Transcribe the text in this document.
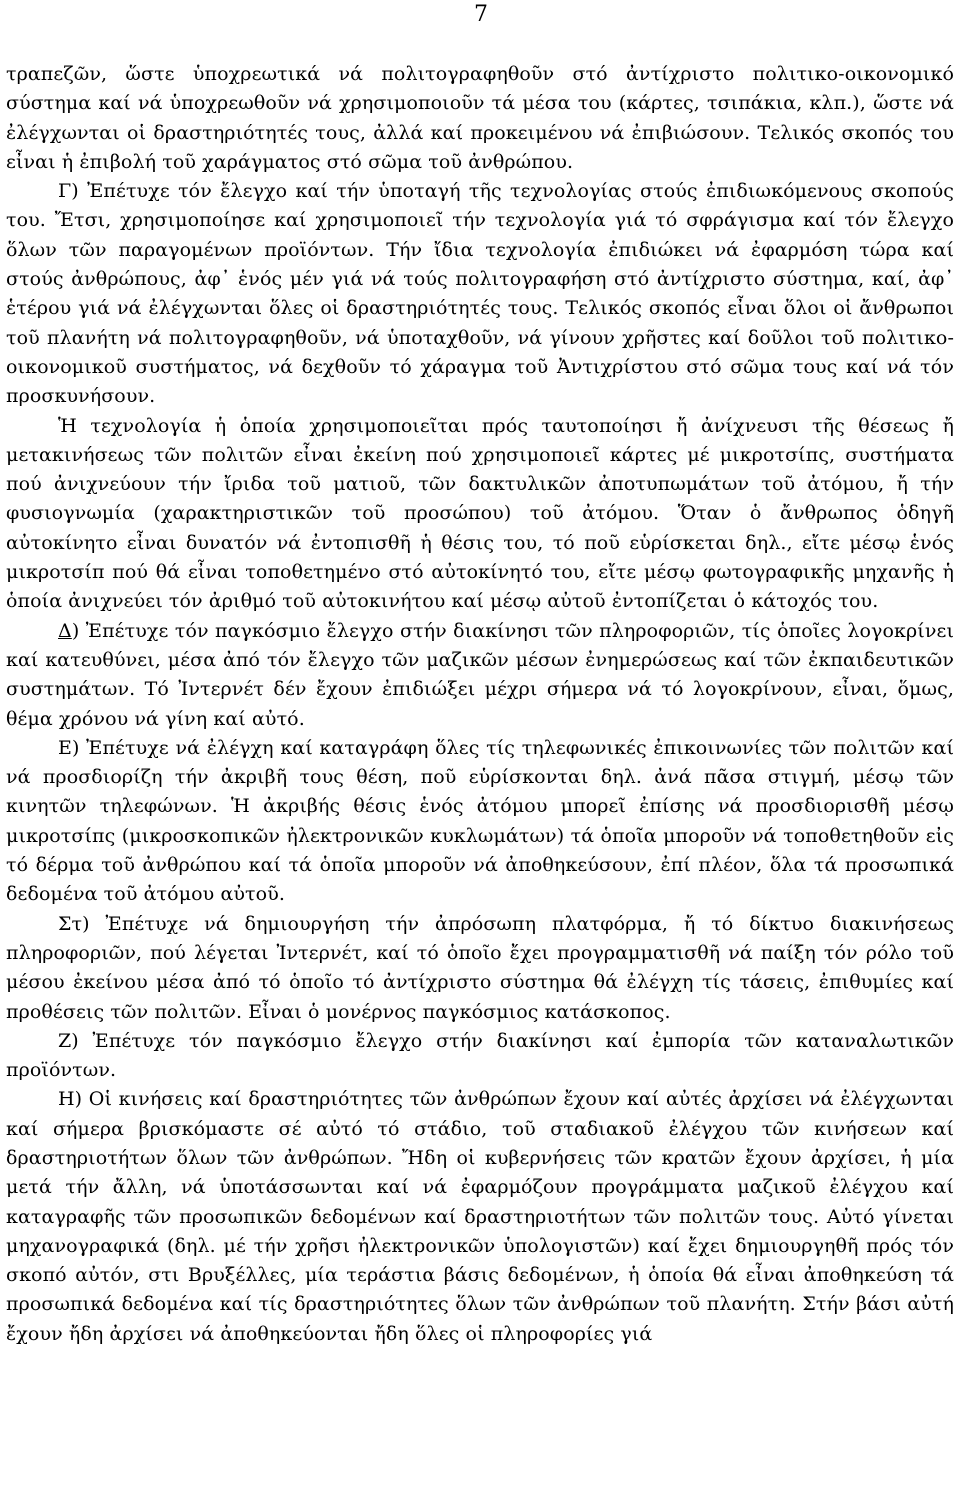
7

τραπεζῶν, ὥστε ὑποχρεωτικά νά πολιτογραφηθοῦν στό ἀντίχριστο πολιτικο-οικονομικό σύστημα καί νά ὑποχρεωθοῦν νά χρησιμοποιοῦν τά μέσα του (κάρτες, τσιπάκια, κλπ.), ὥστε νά ἐλέγχωνται οἱ δραστηριότητές τους, ἀλλά καί προκειμένου νά ἐπιβιώσουν. Τελικός σκοπός του εἶναι ἡ ἐπιβολή τοῦ χαράγματος στό σῶμα τοῦ ἀνθρώπου.

Γ) Ἐπέτυχε τόν ἔλεγχο καί τήν ὑποταγή τῆς τεχνολογίας στούς ἐπιδιωκόμενους σκοπούς του. Ἔτσι, χρησιμοποίησε καί χρησιμοποιεῖ τήν τεχνολογία γιά τό σφράγισμα καί τόν ἔλεγχο ὅλων τῶν παραγομένων προϊόντων. Τήν ἴδια τεχνολογία ἐπιδιώκει νά ἐφαρμόση τώρα καί στούς ἀνθρώπους, ἀφ᾽ ἑνός μέν γιά νά τούς πολιτογραφήση στό ἀντίχριστο σύστημα, καί, ἀφ᾽ ἑτέρου γιά νά ἐλέγχωνται ὅλες οἱ δραστηριότητές τους. Τελικός σκοπός εἶναι ὅλοι οἱ ἄνθρωποι τοῦ πλανήτη νά πολιτογραφηθοῦν, νά ὑποταχθοῦν, νά γίνουν χρῆστες καί δοῦλοι τοῦ πολιτικο-οικονομικοῦ συστήματος, νά δεχθοῦν τό χάραγμα τοῦ Ἀντιχρίστου στό σῶμα τους καί νά τόν προσκυνήσουν.

Ἡ τεχνολογία ἡ ὁποία χρησιμοποιεῖται πρός ταυτοποίησι ἤ ἀνίχνευσι τῆς θέσεως ἤ μετακινήσεως τῶν πολιτῶν εἶναι ἐκείνη πού χρησιμοποιεῖ κάρτες μέ μικροτσίπς, συστήματα πού ἀνιχνεύουν τήν ἴριδα τοῦ ματιοῦ, τῶν δακτυλικῶν ἀποτυπωμάτων τοῦ ἀτόμου, ἤ τήν φυσιογνωμία (χαρακτηριστικῶν τοῦ προσώπου) τοῦ ἀτόμου. Ὅταν ὁ ἄνθρωπος ὁδηγῆ αὐτοκίνητο εἶναι δυνατόν νά ἐντοπισθῆ ἡ θέσις του, τό ποῦ εὑρίσκεται δηλ., εἴτε μέσῳ ἑνός μικροτσίπ πού θά εἶναι τοποθετημένο στό αὐτοκίνητό του, εἴτε μέσῳ φωτογραφικῆς μηχανῆς ἡ ὁποία ἀνιχνεύει τόν ἀριθμό τοῦ αὐτοκινήτου καί μέσῳ αὐτοῦ ἐντοπίζεται ὁ κάτοχός του.

Δ) Ἐπέτυχε τόν παγκόσμιο ἔλεγχο στήν διακίνησι τῶν πληροφοριῶν, τίς ὁποῖες λογοκρίνει καί κατευθύνει, μέσα ἀπό τόν ἔλεγχο τῶν μαζικῶν μέσων ἐνημερώσεως καί τῶν ἐκπαιδευτικῶν συστημάτων. Τό Ἰντερνέτ δέν ἔχουν ἐπιδιώξει μέχρι σήμερα νά τό λογοκρίνουν, εἶναι, ὅμως, θέμα χρόνου νά γίνη καί αὐτό.

Ε) Ἐπέτυχε νά ἐλέγχη καί καταγράφη ὅλες τίς τηλεφωνικές ἐπικοινωνίες τῶν πολιτῶν καί νά προσδιορίζη τήν ἀκριβῆ τους θέση, ποῦ εὑρίσκονται δηλ. ἀνά πᾶσα στιγμή, μέσῳ τῶν κινητῶν τηλεφώνων. Ἡ ἀκριβής θέσις ἑνός ἀτόμου μπορεῖ ἐπίσης νά προσδιορισθῆ μέσῳ μικροτσίπς (μικροσκοπικῶν ἠλεκτρονικῶν κυκλωμάτων) τά ὁποῖα μποροῦν νά τοποθετηθοῦν εἰς τό δέρμα τοῦ ἀνθρώπου καί τά ὁποῖα μποροῦν νά ἀποθηκεύσουν, ἐπί πλέον, ὅλα τά προσωπικά δεδομένα τοῦ ἀτόμου αὐτοῦ.

Στ) Ἐπέτυχε νά δημιουργήση τήν ἀπρόσωπη πλατφόρμα, ἤ τό δίκτυο διακινήσεως πληροφοριῶν, πού λέγεται Ἰντερνέτ, καί τό ὁποῖο ἔχει προγραμματισθῆ νά παίξη τόν ρόλο τοῦ μέσου ἐκείνου μέσα ἀπό τό ὁποῖο τό ἀντίχριστο σύστημα θά ἐλέγχη τίς τάσεις, ἐπιθυμίες καί προθέσεις τῶν πολιτῶν. Εἶναι ὁ μονέρνος παγκόσμιος κατάσκοπος.

Ζ) Ἐπέτυχε τόν παγκόσμιο ἔλεγχο στήν διακίνησι καί ἐμπορία τῶν καταναλωτικῶν προϊόντων.

Η) Οἱ κινήσεις καί δραστηριότητες τῶν ἀνθρώπων ἔχουν καί αὐτές ἀρχίσει νά ἐλέγχωνται καί σήμερα βρισκόμαστε σέ αὐτό τό στάδιο, τοῦ σταδιακοῦ ἐλέγχου τῶν κινήσεων καί δραστηριοτήτων ὅλων τῶν ἀνθρώπων. Ἤδη οἱ κυβερνήσεις τῶν κρατῶν ἔχουν ἀρχίσει, ἡ μία μετά τήν ἄλλη, νά ὑποτάσσωνται καί νά ἐφαρμόζουν προγράμματα μαζικοῦ ἐλέγχου καί καταγραφῆς τῶν προσωπικῶν δεδομένων καί δραστηριοτήτων τῶν πολιτῶν τους. Αὐτό γίνεται μηχανογραφικά (δηλ. μέ τήν χρῆσι ἠλεκτρονικῶν ὑπολογιστῶν) καί ἔχει δημιουργηθῆ πρός τόν σκοπό αὐτόν, στι Βρυξέλλες, μία τεράστια βάσις δεδομένων, ἡ ὁποία θά εἶναι ἀποθηκεύση τά προσωπικά δεδομένα καί τίς δραστηριότητες ὅλων τῶν ἀνθρώπων τοῦ πλανήτη. Στήν βάσι αὐτή ἔχουν ἤδη ἀρχίσει νά ἀποθηκεύονται ἤδη ὅλες οἱ πληροφορίες γιά
